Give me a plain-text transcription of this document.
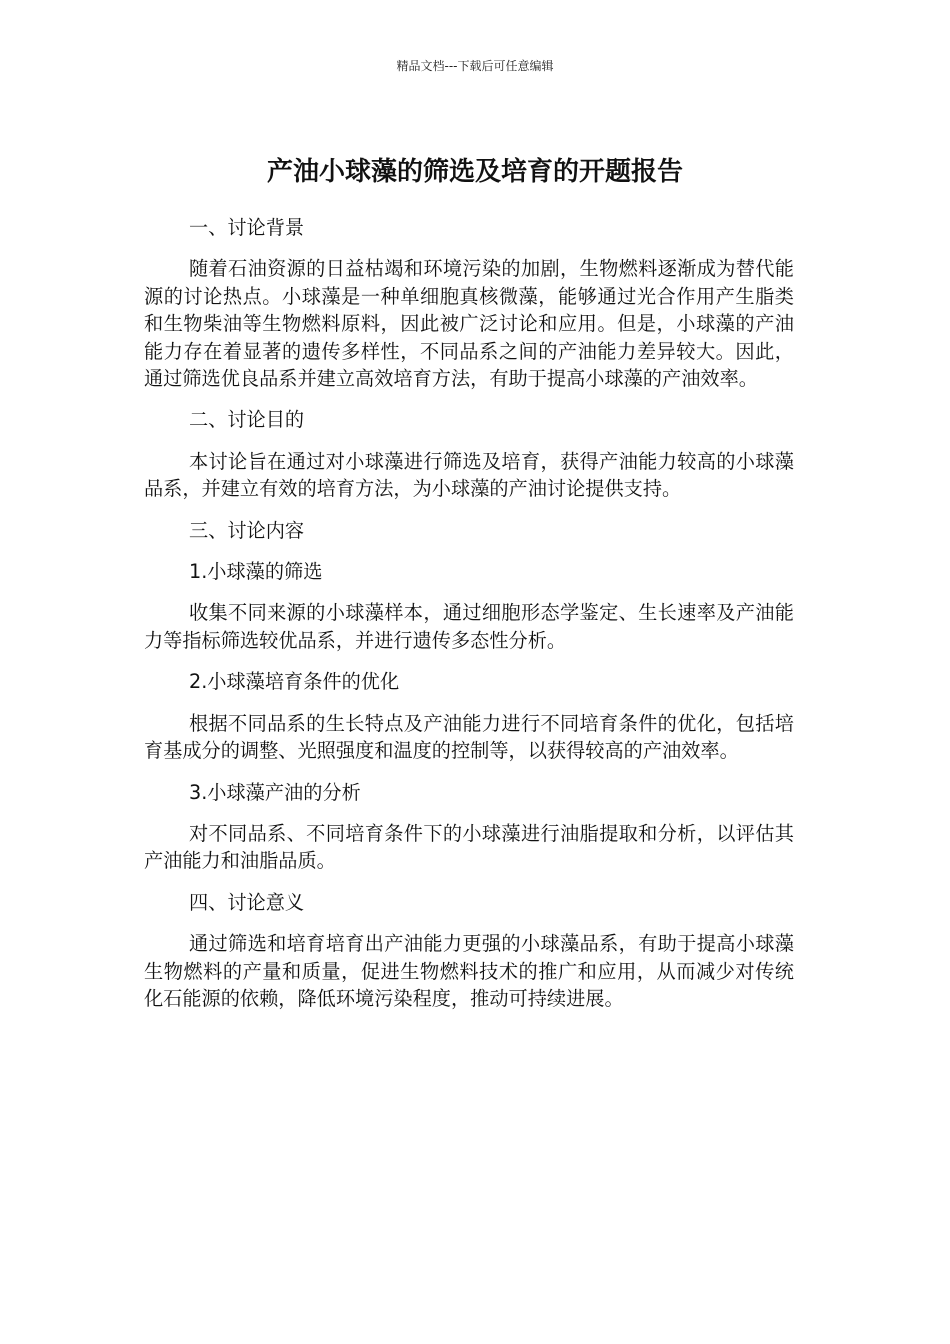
精品文档---下载后可任意编辑
产油小球藻的筛选及培育的开题报告

一、讨论背景

随着石油资源的日益枯竭和环境污染的加剧，生物燃料逐渐成为替代能源的讨论热点。小球藻是一种单细胞真核微藻，能够通过光合作用产生脂类和生物柴油等生物燃料原料，因此被广泛讨论和应用。但是，小球藻的产油能力存在着显著的遗传多样性，不同品系之间的产油能力差异较大。因此，通过筛选优良品系并建立高效培育方法，有助于提高小球藻的产油效率。

二、讨论目的

本讨论旨在通过对小球藻进行筛选及培育，获得产油能力较高的小球藻品系，并建立有效的培育方法，为小球藻的产油讨论提供支持。

三、讨论内容

1.小球藻的筛选

收集不同来源的小球藻样本，通过细胞形态学鉴定、生长速率及产油能力等指标筛选较优品系，并进行遗传多态性分析。

2.小球藻培育条件的优化

根据不同品系的生长特点及产油能力进行不同培育条件的优化，包括培育基成分的调整、光照强度和温度的控制等，以获得较高的产油效率。

3.小球藻产油的分析

对不同品系、不同培育条件下的小球藻进行油脂提取和分析，以评估其产油能力和油脂品质。

四、讨论意义

通过筛选和培育培育出产油能力更强的小球藻品系，有助于提高小球藻生物燃料的产量和质量，促进生物燃料技术的推广和应用，从而减少对传统化石能源的依赖，降低环境污染程度，推动可持续进展。
